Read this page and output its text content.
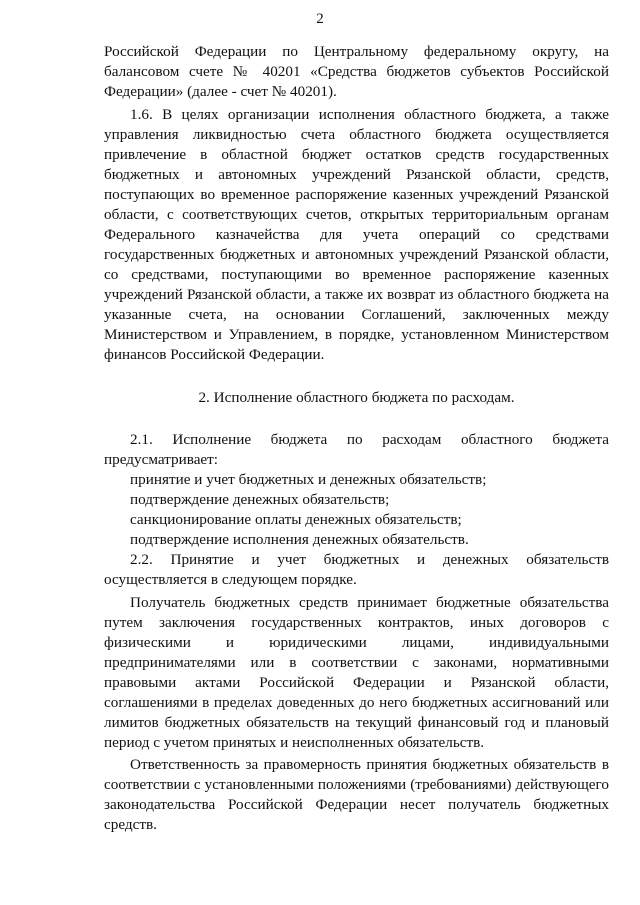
2
Российской Федерации по Центральному федеральному округу, на
балансовом счете № 40201 «Средства бюджетов субъектов Российской
Федерации» (далее - счет № 40201).
1.6. В целях организации исполнения областного бюджета, а также
управления ликвидностью счета областного бюджета осуществляется
привлечение в областной бюджет остатков средств государственных
бюджетных и автономных учреждений Рязанской области, средств,
поступающих во временное распоряжение казенных учреждений Рязанской
области, с соответствующих счетов, открытых территориальным органам
Федерального казначейства для учета операций со средствами
государственных бюджетных и автономных учреждений Рязанской области,
со средствами, поступающими во временное распоряжение казенных
учреждений Рязанской области, а также их возврат из областного бюджета на
указанные счета, на основании Соглашений, заключенных между
Министерством и Управлением, в порядке, установленном Министерством
финансов Российской Федерации.
2. Исполнение областного бюджета по расходам.
2.1. Исполнение бюджета по расходам областного бюджета
предусматривает:
принятие и учет бюджетных и денежных обязательств;
подтверждение денежных обязательств;
санкционирование оплаты денежных обязательств;
подтверждение исполнения денежных обязательств.
2.2. Принятие и учет бюджетных и денежных обязательств
осуществляется в следующем порядке.
Получатель бюджетных средств принимает бюджетные обязательства
путем заключения государственных контрактов, иных договоров с
физическими и юридическими лицами, индивидуальными
предпринимателями или в соответствии с законами, нормативными
правовыми актами Российской Федерации и Рязанской области,
соглашениями в пределах доведенных до него бюджетных ассигнований или
лимитов бюджетных обязательств на текущий финансовый год и плановый
период с учетом принятых и неисполненных обязательств.
Ответственность за правомерность принятия бюджетных обязательств в
соответствии с установленными положениями (требованиями) действующего
законодательства Российской Федерации несет получатель бюджетных
средств.
